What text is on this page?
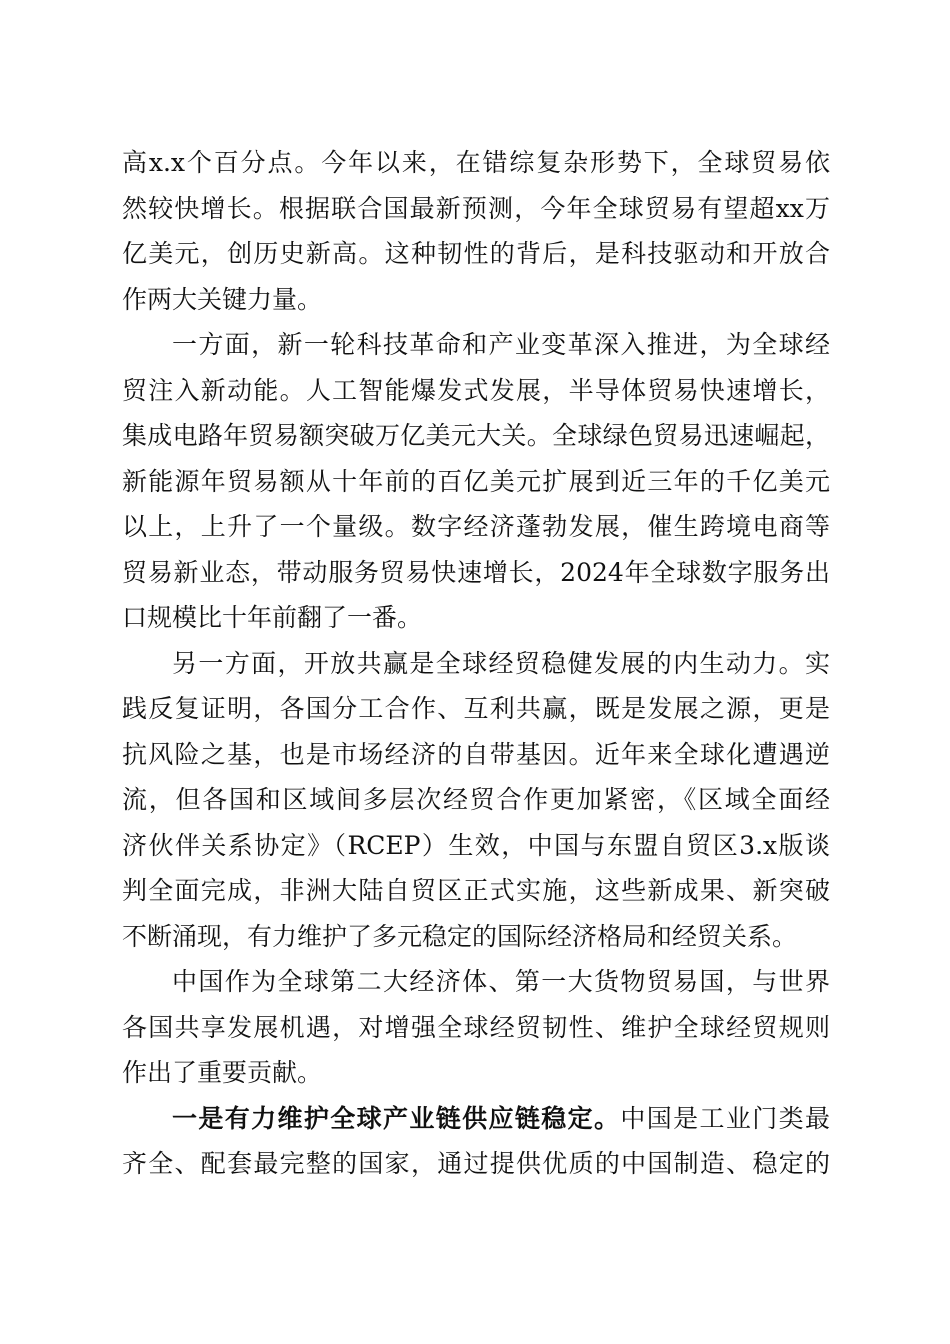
高x.x个百分点。今年以来，在错综复杂形势下，全球贸易依
然较快增长。根据联合国最新预测，今年全球贸易有望超xx万
亿美元，创历史新高。这种韧性的背后，是科技驱动和开放合
作两大关键力量。
一方面，新一轮科技革命和产业变革深入推进，为全球经
贸注入新动能。人工智能爆发式发展，半导体贸易快速增长，
集成电路年贸易额突破万亿美元大关。全球绿色贸易迅速崛起，
新能源年贸易额从十年前的百亿美元扩展到近三年的千亿美元
以上，上升了一个量级。数字经济蓬勃发展，催生跨境电商等
贸易新业态，带动服务贸易快速增长，2024年全球数字服务出
口规模比十年前翻了一番。
另一方面，开放共赢是全球经贸稳健发展的内生动力。实
践反复证明，各国分工合作、互利共赢，既是发展之源，更是
抗风险之基，也是市场经济的自带基因。近年来全球化遭遇逆
流，但各国和区域间多层次经贸合作更加紧密，《区域全面经
济伙伴关系协定》（RCEP）生效，中国与东盟自贸区3.x版谈
判全面完成，非洲大陆自贸区正式实施，这些新成果、新突破
不断涌现，有力维护了多元稳定的国际经济格局和经贸关系。
中国作为全球第二大经济体、第一大货物贸易国，与世界
各国共享发展机遇，对增强全球经贸韧性、维护全球经贸规则
作出了重要贡献。
一是有力维护全球产业链供应链稳定。中国是工业门类最
齐全、配套最完整的国家，通过提供优质的中国制造、稳定的
